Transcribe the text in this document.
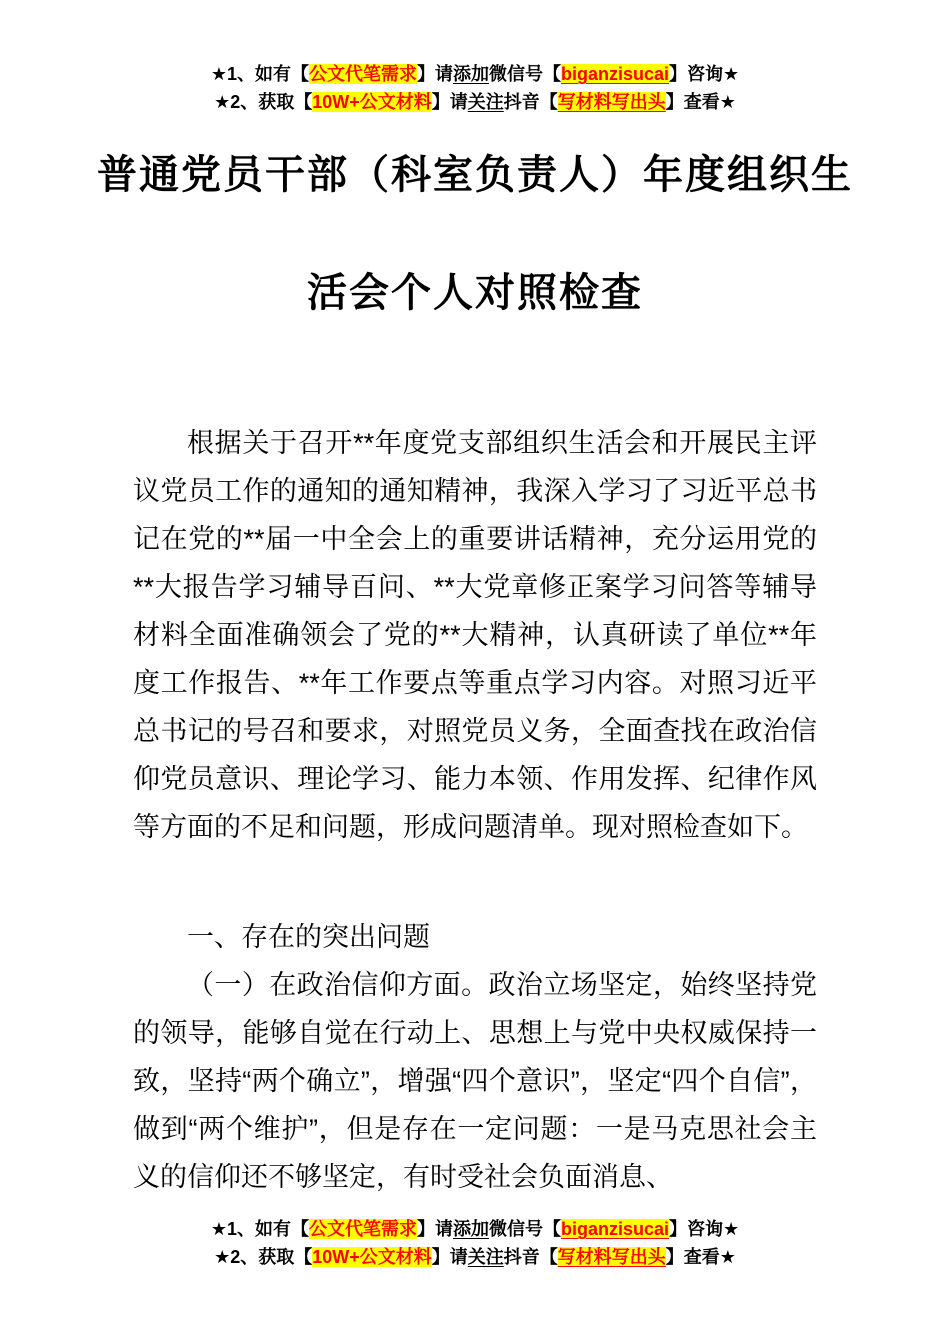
★1、如有【公文代笔需求】请添加微信号【biganzisucai】咨询★
★2、获取【10W+公文材料】请关注抖音【写材料写出头】查看★
普通党员干部（科室负责人）年度组织生
活会个人对照检查

根据关于召开**年度党支部组织生活会和开展民主评议党员工作的通知的通知精神，我深入学习了习近平总书记在党的**届一中全会上的重要讲话精神，充分运用党的**大报告学习辅导百问、**大党章修正案学习问答等辅导材料全面准确领会了党的**大精神，认真研读了单位**年度工作报告、**年工作要点等重点学习内容。对照习近平总书记的号召和要求，对照党员义务，全面查找在政治信仰党员意识、理论学习、能力本领、作用发挥、纪律作风等方面的不足和问题，形成问题清单。现对照检查如下。

一、存在的突出问题

（一）在政治信仰方面。政治立场坚定，始终坚持党的领导，能够自觉在行动上、思想上与党中央权威保持一致，坚持“两个确立”，增强“四个意识”，坚定“四个自信”，做到“两个维护”，但是存在一定问题：一是马克思社会主义的信仰还不够坚定，有时受社会负面消息、

★1、如有【公文代笔需求】请添加微信号【biganzisucai】咨询★
★2、获取【10W+公文材料】请关注抖音【写材料写出头】查看★
